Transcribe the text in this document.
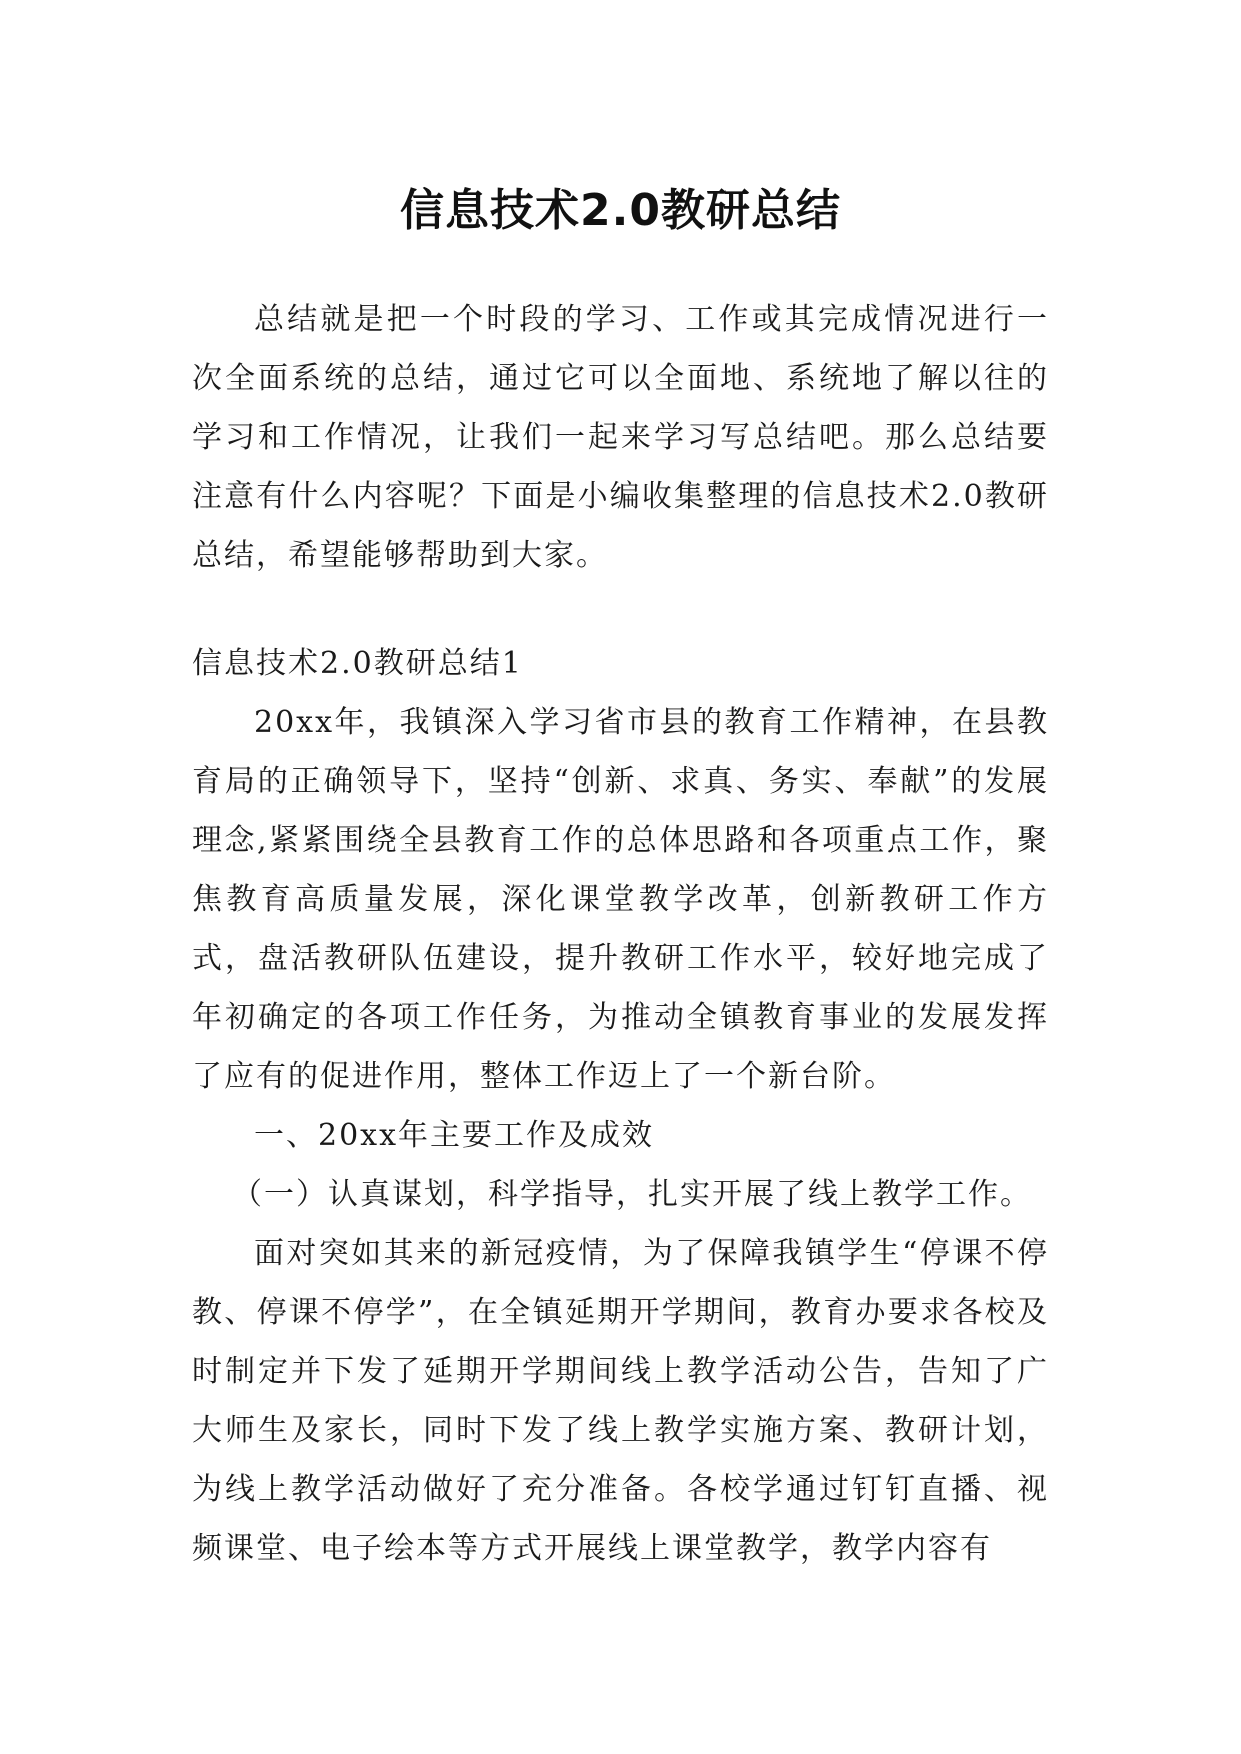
信息技术2.0教研总结

总结就是把一个时段的学习、工作或其完成情况进行一次全面系统的总结，通过它可以全面地、系统地了解以往的学习和工作情况，让我们一起来学习写总结吧。那么总结要注意有什么内容呢？下面是小编收集整理的信息技术2.0教研总结，希望能够帮助到大家。

信息技术2.0教研总结1

20xx年，我镇深入学习省市县的教育工作精神，在县教育局的正确领导下，坚持“创新、求真、务实、奉献”的发展理念,紧紧围绕全县教育工作的总体思路和各项重点工作，聚焦教育高质量发展，深化课堂教学改革，创新教研工作方式，盘活教研队伍建设，提升教研工作水平，较好地完成了年初确定的各项工作任务，为推动全镇教育事业的发展发挥了应有的促进作用，整体工作迈上了一个新台阶。

一、20xx年主要工作及成效

（一）认真谋划，科学指导，扎实开展了线上教学工作。

面对突如其来的新冠疫情，为了保障我镇学生“停课不停教、停课不停学”，在全镇延期开学期间，教育办要求各校及时制定并下发了延期开学期间线上教学活动公告，告知了广大师生及家长，同时下发了线上教学实施方案、教研计划，为线上教学活动做好了充分准备。各校学通过钉钉直播、视频课堂、电子绘本等方式开展线上课堂教学，教学内容有
